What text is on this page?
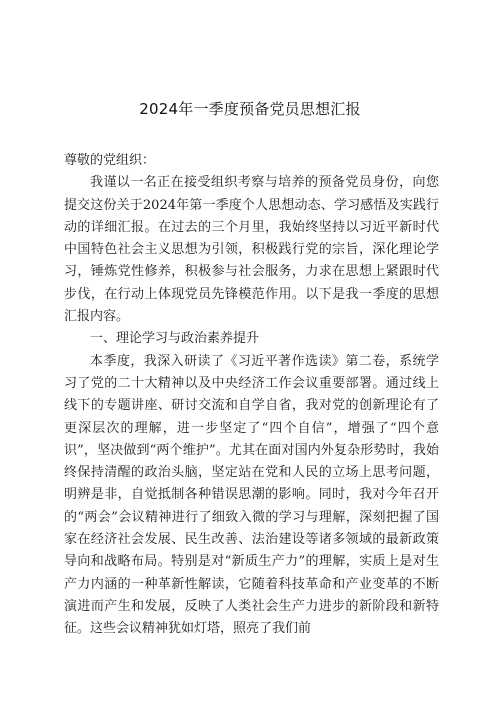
2024年一季度预备党员思想汇报

尊敬的党组织：

我谨以一名正在接受组织考察与培养的预备党员身份，向您提交这份关于2024年第一季度个人思想动态、学习感悟及实践行动的详细汇报。在过去的三个月里，我始终坚持以习近平新时代中国特色社会主义思想为引领，积极践行党的宗旨，深化理论学习，锤炼党性修养，积极参与社会服务，力求在思想上紧跟时代步伐，在行动上体现党员先锋模范作用。以下是我一季度的思想汇报内容。

一、理论学习与政治素养提升

本季度，我深入研读了《习近平著作选读》第二卷，系统学习了党的二十大精神以及中央经济工作会议重要部署。通过线上线下的专题讲座、研讨交流和自学自省，我对党的创新理论有了更深层次的理解，进一步坚定了“四个自信”，增强了“四个意识”，坚决做到“两个维护”。尤其在面对国内外复杂形势时，我始终保持清醒的政治头脑，坚定站在党和人民的立场上思考问题，明辨是非，自觉抵制各种错误思潮的影响。同时，我对今年召开的“两会”会议精神进行了细致入微的学习与理解，深刻把握了国家在经济社会发展、民生改善、法治建设等诸多领域的最新政策导向和战略布局。特别是对“新质生产力”的理解，实质上是对生产力内涵的一种革新性解读，它随着科技革命和产业变革的不断演进而产生和发展，反映了人类社会生产力进步的新阶段和新特征。这些会议精神犹如灯塔，照亮了我们前
